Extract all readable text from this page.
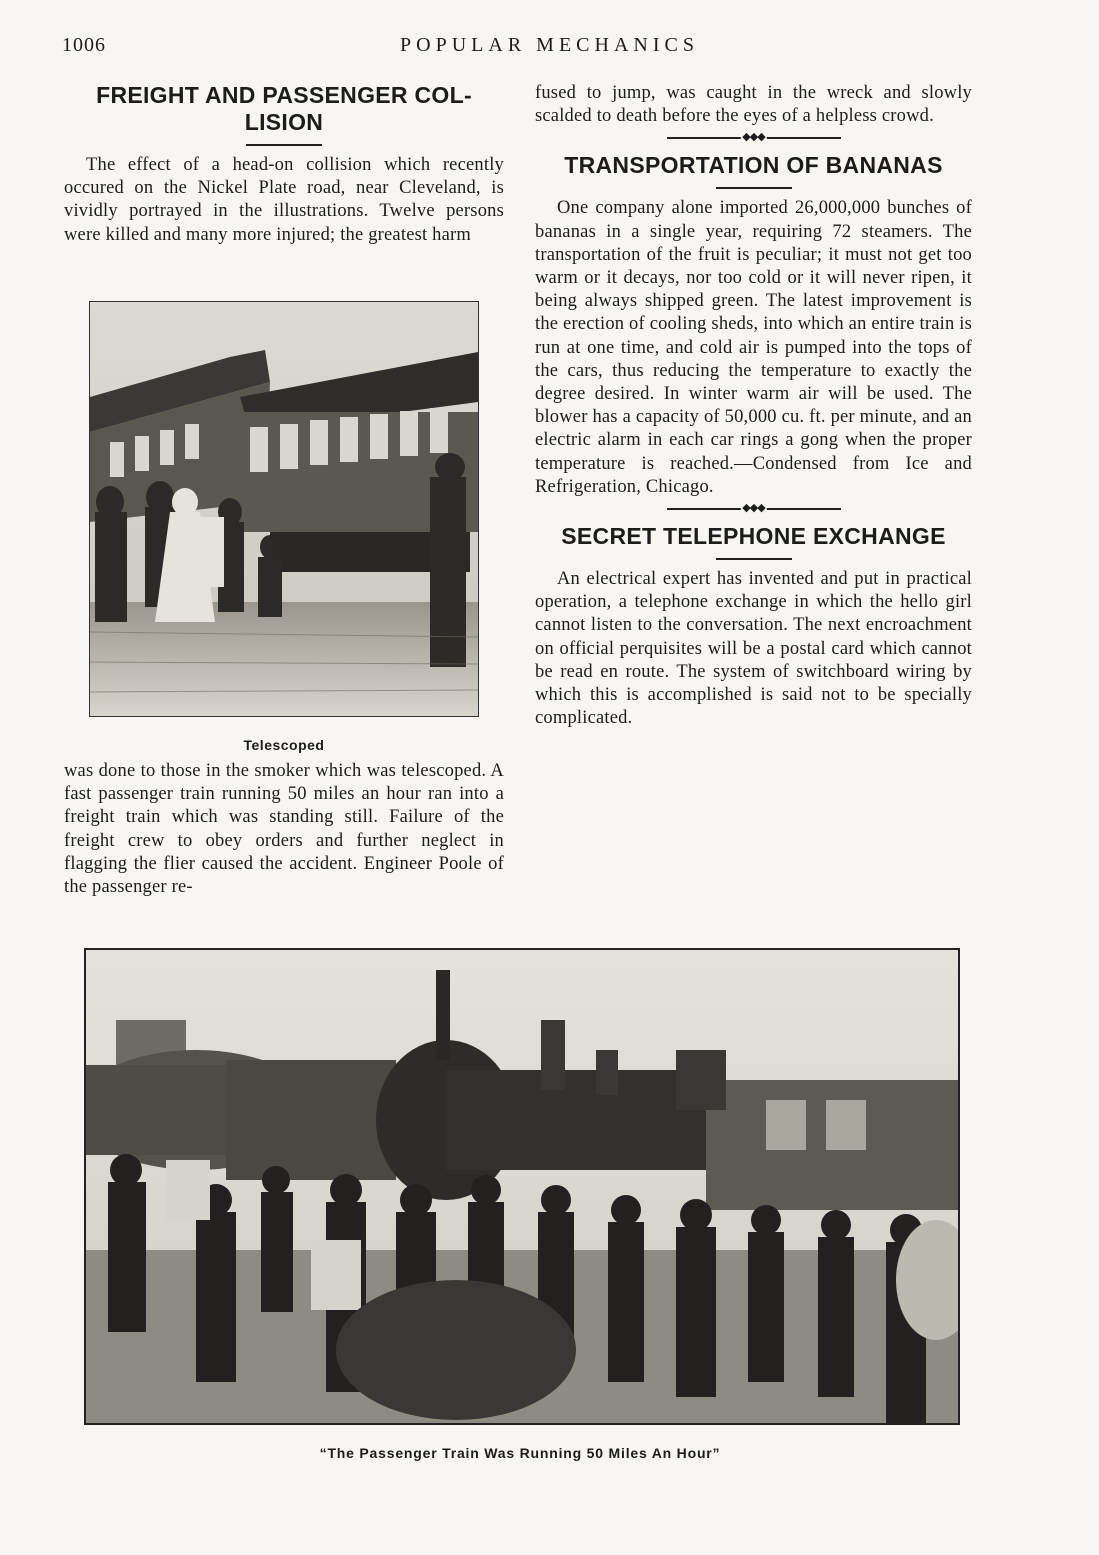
1006	POPULAR MECHANICS
FREIGHT AND PASSENGER COL-
LISION

The effect of a head-on collision which recently occured on the Nickel Plate road, near Cleveland, is vividly portrayed in the illustrations. Twelve persons were killed and many more injured; the greatest harm

Telescoped

was done to those in the smoker which was telescoped. A fast passenger train running 50 miles an hour ran into a freight train which was standing still. Failure of the freight crew to obey orders and further neglect in flagging the flier caused the accident. Engineer Poole of the passenger re-

fused to jump, was caught in the wreck and slowly scalded to death before the eyes of a helpless crowd.

◆◆◆
TRANSPORTATION OF BANANAS

One company alone imported 26,000,000 bunches of bananas in a single year, requiring 72 steamers. The transportation of the fruit is peculiar; it must not get too warm or it decays, nor too cold or it will never ripen, it being always shipped green. The latest improvement is the erection of cooling sheds, into which an entire train is run at one time, and cold air is pumped into the tops of the cars, thus reducing the temperature to exactly the degree desired. In winter warm air will be used. The blower has a capacity of 50,000 cu. ft. per minute, and an electric alarm in each car rings a gong when the proper temperature is reached.—Condensed from Ice and Refrigeration, Chicago.

◆◆◆
SECRET TELEPHONE EXCHANGE

An electrical expert has invented and put in practical operation, a telephone exchange in which the hello girl cannot listen to the conversation. The next encroachment on official perquisites will be a postal card which cannot be read en route. The system of switchboard wiring by which this is accomplished is said not to be specially complicated.

“The Passenger Train Was Running 50 Miles An Hour”
